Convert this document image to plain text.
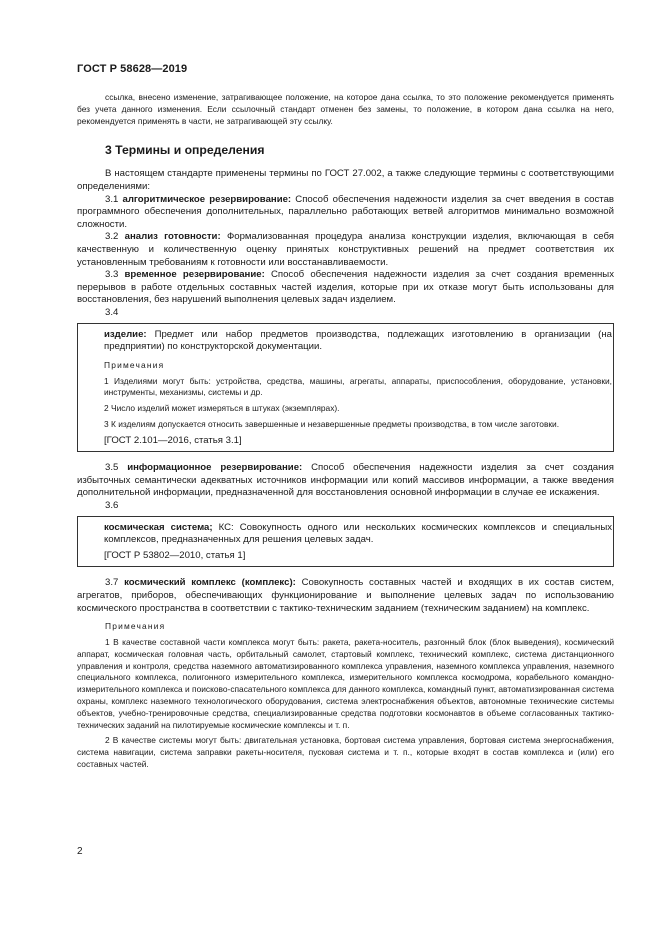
ГОСТ Р 58628—2019

ссылка, внесено изменение, затрагивающее положение, на которое дана ссылка, то это положение рекомендуется применять без учета данного изменения. Если ссылочный стандарт отменен без замены, то положение, в котором дана ссылка на него, рекомендуется применять в части, не затрагивающей эту ссылку.

3 Термины и определения

В настоящем стандарте применены термины по ГОСТ 27.002, а также следующие термины с соответствующими определениями:

3.1 алгоритмическое резервирование: Способ обеспечения надежности изделия за счет введения в состав программного обеспечения дополнительных, параллельно работающих ветвей алгоритмов минимально возможной сложности.

3.2 анализ готовности: Формализованная процедура анализа конструкции изделия, включающая в себя качественную и количественную оценку принятых конструктивных решений на предмет соответствия их установленным требованиям к готовности или восстанавливаемости.

3.3 временное резервирование: Способ обеспечения надежности изделия за счет создания временных перерывов в работе отдельных составных частей изделия, которые при их отказе могут быть использованы для восстановления, без нарушений выполнения целевых задач изделием.

3.4

изделие: Предмет или набор предметов производства, подлежащих изготовлению в организации (на предприятии) по конструкторской документации.

Примечания

1 Изделиями могут быть: устройства, средства, машины, агрегаты, аппараты, приспособления, оборудование, установки, инструменты, механизмы, системы и др.

2 Число изделий может измеряться в штуках (экземплярах).

3 К изделиям допускается относить завершенные и незавершенные предметы производства, в том числе заготовки.

[ГОСТ 2.101—2016, статья 3.1]

3.5 информационное резервирование: Способ обеспечения надежности изделия за счет создания избыточных семантически адекватных источников информации или копий массивов информации, а также введения дополнительной информации, предназначенной для восстановления основной информации в случае ее искажения.

3.6

космическая система; КС: Совокупность одного или нескольких космических комплексов и специальных комплексов, предназначенных для решения целевых задач.

[ГОСТ Р 53802—2010, статья 1]

3.7 космический комплекс (комплекс): Совокупность составных частей и входящих в их состав систем, агрегатов, приборов, обеспечивающих функционирование и выполнение целевых задач по использованию космического пространства в соответствии с тактико-техническим заданием (техническим заданием) на комплекс.

Примечания

1 В качестве составной части комплекса могут быть: ракета, ракета-носитель, разгонный блок (блок выведения), космический аппарат, космическая головная часть, орбитальный самолет, стартовый комплекс, технический комплекс, система дистанционного управления и контроля, средства наземного автоматизированного комплекса управления, наземного комплекса управления, наземного специального комплекса, полигонного измерительного комплекса, измерительного комплекса космодрома, корабельного командно-измерительного комплекса и поисково-спасательного комплекса для данного комплекса, командный пункт, автоматизированная система охраны, комплекс наземного технологического оборудования, система электроснабжения объектов, автономные технические системы объектов, учебно-тренировочные средства, специализированные средства подготовки космонавтов в объеме согласованных тактико-технических заданий на пилотируемые космические комплексы и т. п.

2 В качестве системы могут быть: двигательная установка, бортовая система управления, бортовая система энергоснабжения, система навигации, система заправки ракеты-носителя, пусковая система и т. п., которые входят в состав комплекса и (или) его составных частей.

2
